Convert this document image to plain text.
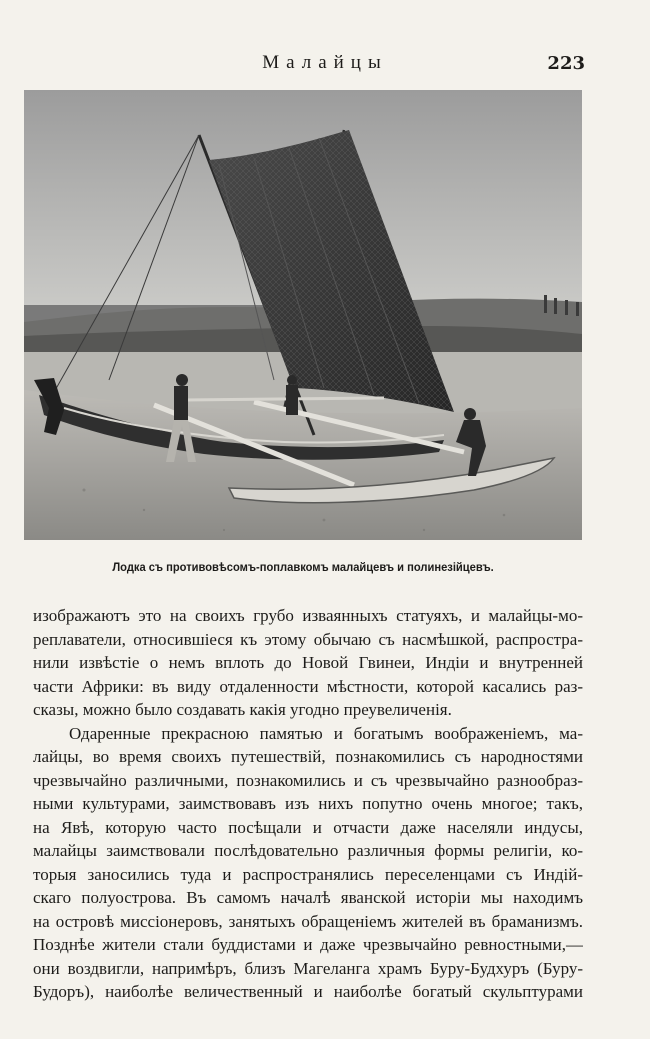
Малайцы	223
Лодка съ противовѣсомъ-поплавкомъ малайцевъ и полинезійцевъ.
изображаютъ это на своихъ грубо изваянныхъ статуяхъ, и малайцы-мо-
реплаватели, относившіеся къ этому обычаю съ насмѣшкой, распростра-
нили извѣстіе о немъ вплоть до Новой Гвинеи, Индіи и внутренней
части Африки: въ виду отдаленности мѣстности, которой касались раз-
сказы, можно было создавать какія угодно преувеличенія.
Одаренные прекрасною памятью и богатымъ воображеніемъ, ма-
лайцы, во время своихъ путешествій, познакомились съ народностями
чрезвычайно различными, познакомились и съ чрезвычайно разнообраз-
ными культурами, заимствовавъ изъ нихъ попутно очень многое; такъ,
на Явѣ, которую часто посѣщали и отчасти даже населяли индусы,
малайцы заимствовали послѣдовательно различныя формы религіи, ко-
торыя заносились туда и распространялись переселенцами съ Индій-
скаго полуострова. Въ самомъ началѣ яванской исторіи мы находимъ
на островѣ миссіонеровъ, занятыхъ обращеніемъ жителей въ браманизмъ.
Позднѣе жители стали буддистами и даже чрезвычайно ревностными,—
они воздвигли, напримѣръ, близъ Магеланга храмъ Буру-Будхуръ (Буру-
Будоръ), наиболѣе величественный и наиболѣе богатый скульптурами
